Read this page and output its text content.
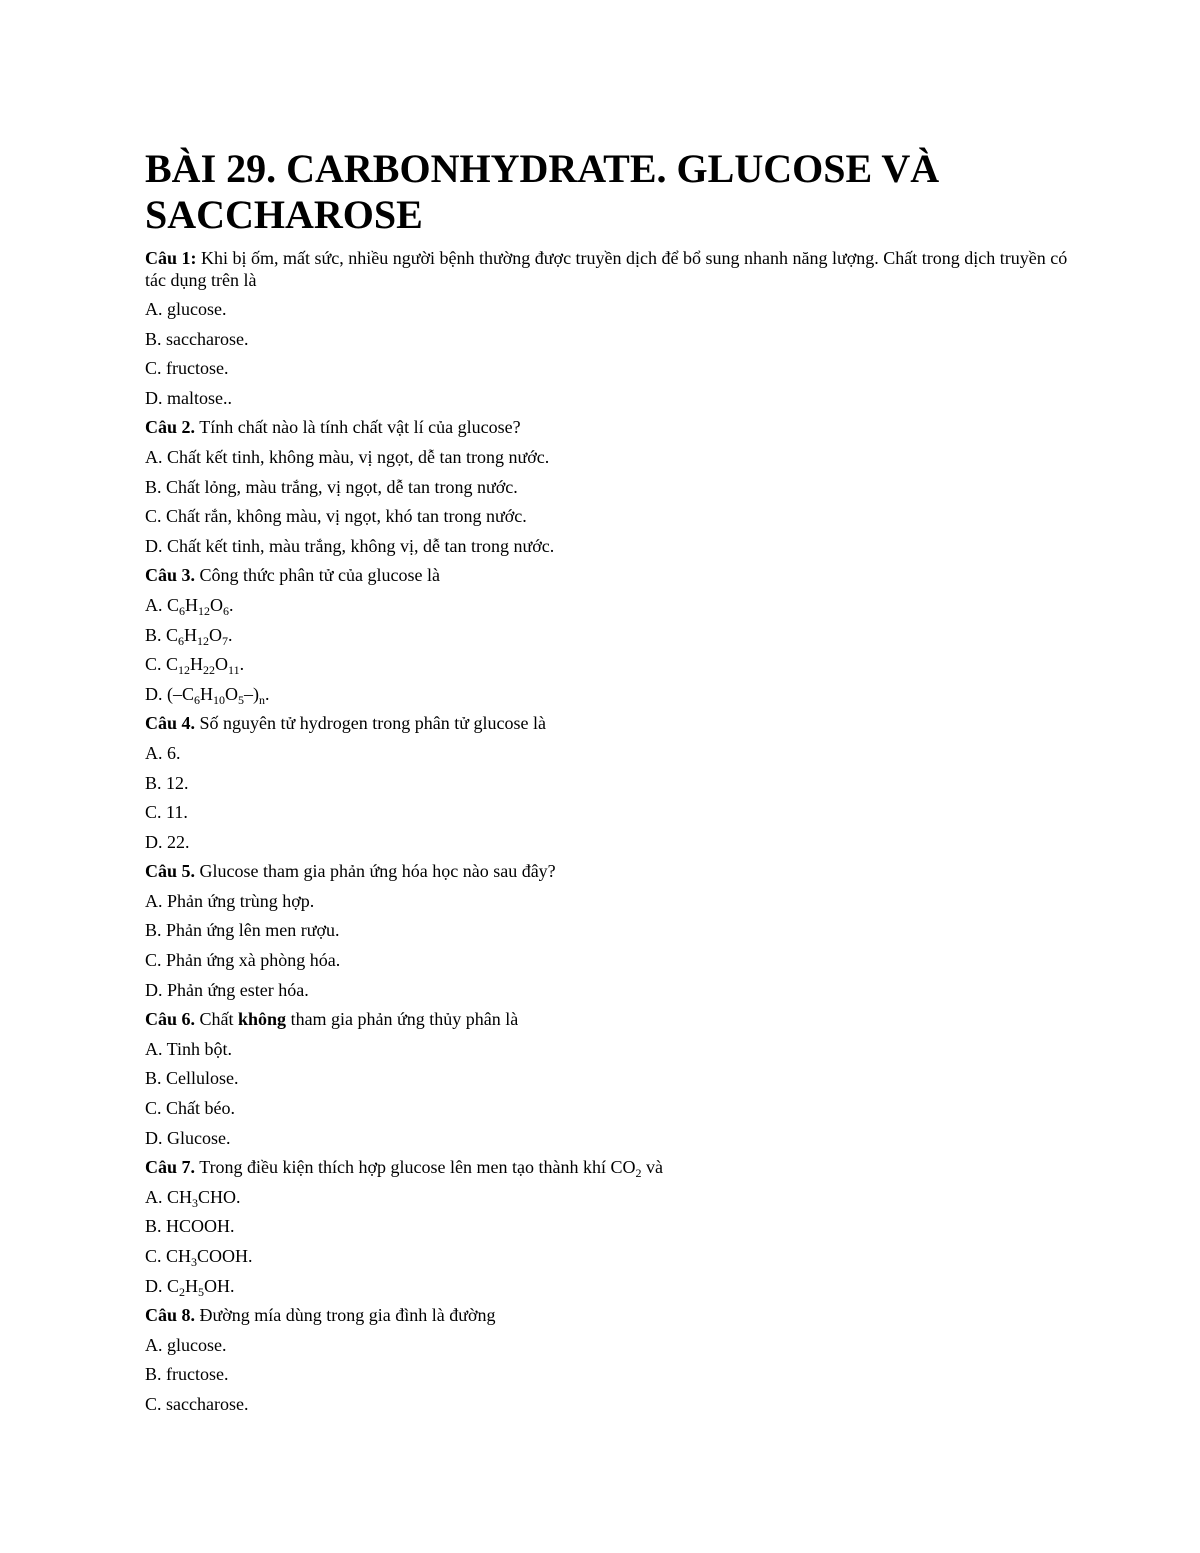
BÀI 29. CARBONHYDRATE. GLUCOSE VÀ SACCHAROSE
Câu 1: Khi bị ốm, mất sức, nhiều người bệnh thường được truyền dịch để bổ sung nhanh năng lượng. Chất trong dịch truyền có tác dụng trên là
A. glucose.
B. saccharose.
C. fructose.
D. maltose..
Câu 2. Tính chất nào là tính chất vật lí của glucose?
A. Chất kết tinh, không màu, vị ngọt, dễ tan trong nước.
B. Chất lỏng, màu trắng, vị ngọt, dễ tan trong nước.
C. Chất rắn, không màu, vị ngọt, khó tan trong nước.
D. Chất kết tinh, màu trắng, không vị, dễ tan trong nước.
Câu 3. Công thức phân tử của glucose là
A. $C_6H_{12}O_6$.
B. $C_6H_{12}O_7$.
C. $C_{12}H_{22}O_{11}$.
D. $(-C_6H_{10}O_5-)_n$.
Câu 4. Số nguyên tử hydrogen trong phân tử glucose là
A. 6.
B. 12.
C. 11.
D. 22.
Câu 5. Glucose tham gia phản ứng hóa học nào sau đây?
A. Phản ứng trùng hợp.
B. Phản ứng lên men rượu.
C. Phản ứng xà phòng hóa.
D. Phản ứng ester hóa.
Câu 6. Chất không tham gia phản ứng thủy phân là
A. Tinh bột.
B. Cellulose.
C. Chất béo.
D. Glucose.
Câu 7. Trong điều kiện thích hợp glucose lên men tạo thành khí $CO_2$ và
A. $CH_3CHO$.
B. HCOOH.
C. $CH_3COOH$.
D. $C_2H_5OH$.
Câu 8. Đường mía dùng trong gia đình là đường
A. glucose.
B. fructose.
C. saccharose.
